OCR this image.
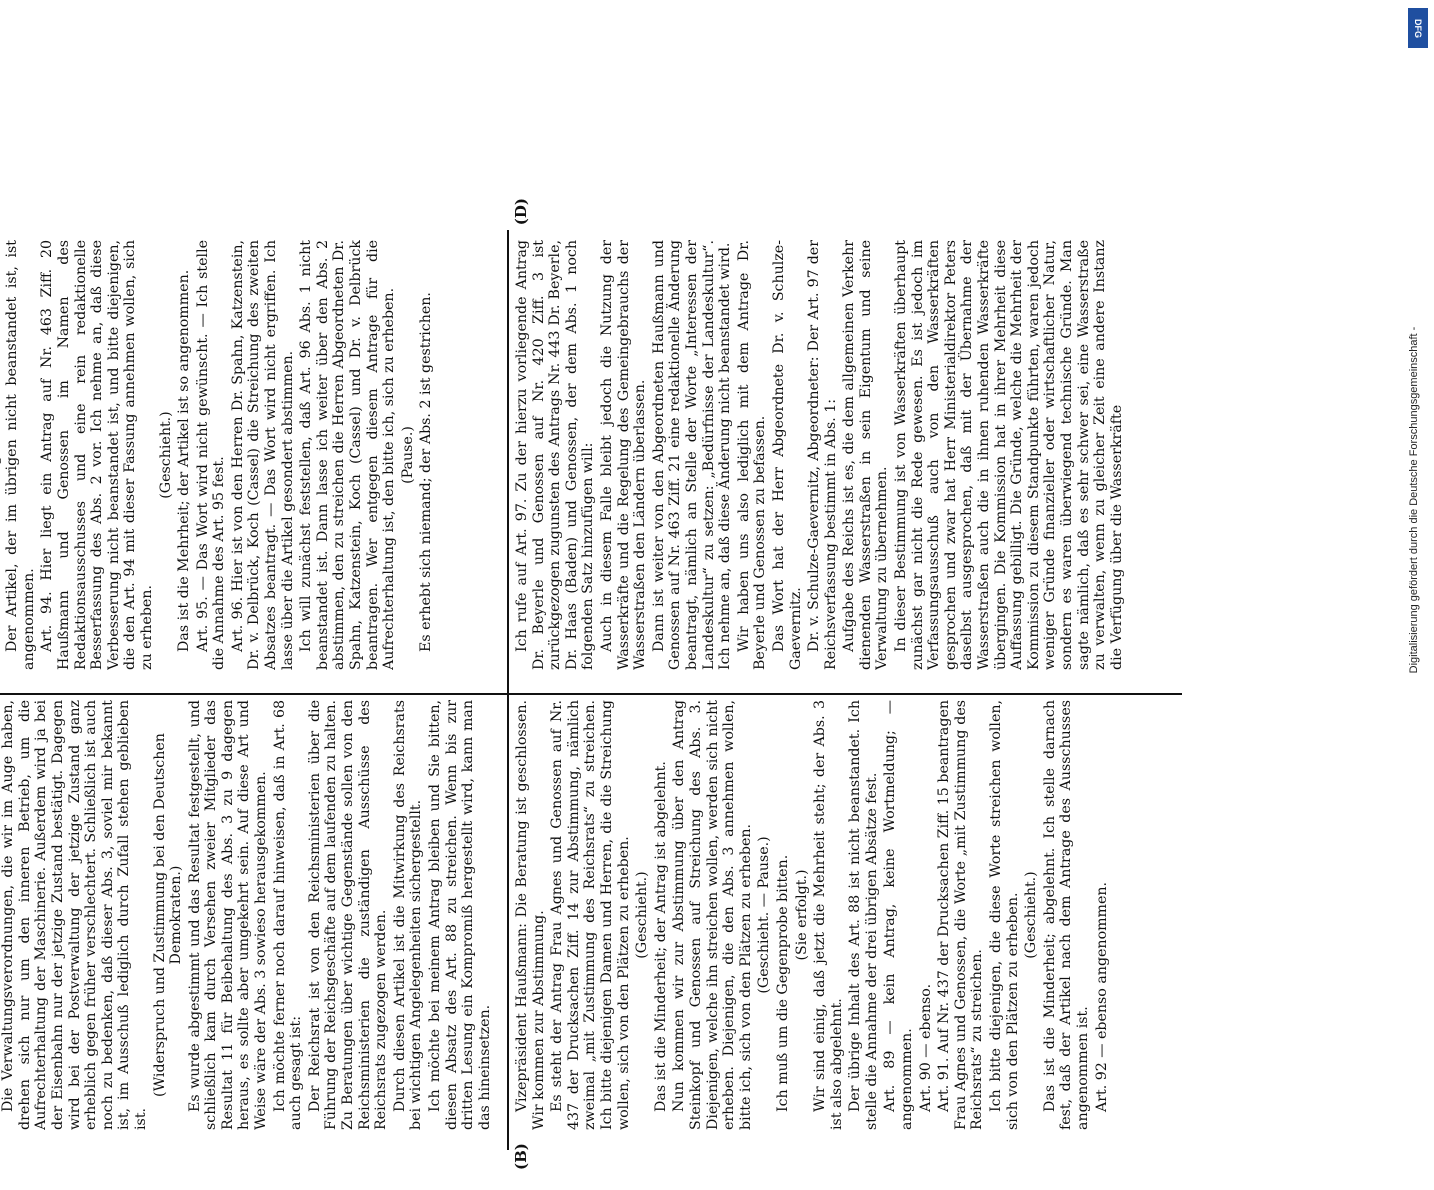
(B)
(D)

Die Verwaltungsverordnungen, die wir im Auge haben, drehen sich nur um den inneren Betrieb, um die Aufrechterhaltung der Maschinerie. Außerdem wird ja bei der Eisenbahn nur der jetzige Zustand bestätigt. Dagegen wird bei der Postverwaltung der jetzige Zustand ganz erheblich gegen früher verschlechtert. Schließlich ist auch noch zu bedenken, daß dieser Abs. 3, soviel mir bekannt ist, im Ausschuß lediglich durch Zufall stehen geblieben ist.

(Widerspruch und Zustimmung bei den Deutschen Demokraten.) Es wurde abgestimmt und das Resultat festgestellt, und schließlich kam durch Versehen zweier Mitglieder das Resultat 11 für Beibehaltung des Abs. 3 zu 9 dagegen heraus, es sollte aber umgekehrt sein. Auf diese Art und Weise wäre der Abs. 3 sowieso herausgekommen. Ich möchte ferner noch darauf hinweisen, daß in Art. 68 auch gesagt ist: Der Reichsrat ist von den Reichsministerien über die Führung der Reichsgeschäfte auf dem laufenden zu halten. Zu Beratungen über wichtige Gegenstände sollen von den Reichsministerien die zuständigen Ausschüsse des Reichsrats zugezogen werden. Durch diesen Artikel ist die Mitwirkung des Reichsrats bei wichtigen Angelegenheiten sichergestellt. Ich möchte bei meinem Antrag bleiben und Sie bitten, diesen Absatz des Art. 88 zu streichen. Wenn bis zur dritten Lesung ein Kompromiß hergestellt wird, kann man das hineinsetzen. Vizepräsident Haußmann: Die Beratung ist geschlossen. Wir kommen zur Abstimmung. Es steht der Antrag Frau Agnes und Genossen auf Nr. 437 der Drucksachen Ziff. 14 zur Abstimmung, nämlich zweimal „mit Zustimmung des Reichsrats“ zu streichen. Ich bitte diejenigen Damen und Herren, die die Streichung wollen, sich von den Plätzen zu erheben. (Geschieht.) Das ist die Minderheit; der Antrag ist abgelehnt. Nun kommen wir zur Abstimmung über den Antrag Steinkopf und Genossen auf Streichung des Abs. 3. Diejenigen, welche ihn streichen wollen, werden sich nicht erheben. Diejenigen, die den Abs. 3 annehmen wollen, bitte ich, sich von den Plätzen zu erheben. (Geschieht. — Pause.) Ich muß um die Gegenprobe bitten. (Sie erfolgt.) Wir sind einig, daß jetzt die Mehrheit steht; der Abs. 3 ist also abgelehnt. Der übrige Inhalt des Art. 88 ist nicht beanstandet. Ich stelle die Annahme der drei übrigen Absätze fest. Art. 89 — kein Antrag, keine Wortmeldung; — angenommen. Art. 90 — ebenso. Art. 91. Auf Nr. 437 der Drucksachen Ziff. 15 beantragen Frau Agnes und Genossen, die Worte „mit Zustimmung des Reichsrats“ zu streichen. Ich bitte diejenigen, die diese Worte streichen wollen, sich von den Plätzen zu erheben. (Geschieht.) Das ist die Minderheit; abgelehnt. Ich stelle darnach fest, daß der Artikel nach dem Antrage des Ausschusses angenommen ist. Art. 92 — ebenso angenommen.

Der Artikel, der im übrigen nicht beanstandet ist, ist angenommen. Art. 94. Hier liegt ein Antrag auf Nr. 463 Ziff. 20 Haußmann und Genossen im Namen des Redaktionsausschusses und eine rein redaktionelle Besserfassung des Abs. 2 vor. Ich nehme an, daß diese Verbesserung nicht beanstandet ist, und bitte diejenigen, die den Art. 94 mit dieser Fassung annehmen wollen, sich zu erheben.

(Geschieht.) Das ist die Mehrheit; der Artikel ist so angenommen. Art. 95. — Das Wort wird nicht gewünscht. — Ich stelle die Annahme des Art. 95 fest. Art. 96. Hier ist von den Herren Dr. Spahn, Katzenstein, Dr. v. Delbrück, Koch (Cassel) die Streichung des zweiten Absatzes beantragt. — Das Wort wird nicht ergriffen. Ich lasse über die Artikel gesondert abstimmen. Ich will zunächst feststellen, daß Art. 96 Abs. 1 nicht beanstandet ist. Dann lasse ich weiter über den Abs. 2 abstimmen, den zu streichen die Herren Abgeordneten Dr. Spahn, Katzenstein, Koch (Cassel) und Dr. v. Delbrück beantragen. Wer entgegen diesem Antrage für die Aufrechterhaltung ist, den bitte ich, sich zu erheben. (Pause.) Es erhebt sich niemand; der Abs. 2 ist gestrichen.	Ich rufe auf Art. 97. Zu der hierzu vorliegende Antrag Dr. Beyerle und Genossen auf Nr. 420 Ziff. 3 ist zurückgezogen zugunsten des Antrags Nr. 443 Dr. Beyerle, Dr. Haas (Baden) und Genossen, der dem Abs. 1 noch folgenden Satz hinzufügen will: Auch in diesem Falle bleibt jedoch die Nutzung der Wasserkräfte und die Regelung des Gemeingebrauchs der Wasserstraßen den Ländern überlassen. Dann ist weiter von den Abgeordneten Haußmann und Genossen auf Nr. 463 Ziff. 21 eine redaktionelle Änderung beantragt, nämlich an Stelle der Worte „Interessen der Landeskultur“ zu setzen: „Bedürfnisse der Landeskultur“. Ich nehme an, daß diese Änderung nicht beanstandet wird. Wir haben uns also lediglich mit dem Antrage Dr. Beyerle und Genossen zu befassen. Das Wort hat der Herr Abgeordnete Dr. v. Schulze-Gaevernitz. Dr. v. Schulze-Gaevernitz, Abgeordneter: Der Art. 97 der Reichsverfassung bestimmt in Abs. 1: Aufgabe des Reichs ist es, die dem allgemeinen Verkehr dienenden Wasserstraßen in sein Eigentum und seine Verwaltung zu übernehmen. In dieser Bestimmung ist von Wasserkräften überhaupt zunächst gar nicht die Rede gewesen. Es ist jedoch im Verfassungsausschuß auch von den Wasserkräften gesprochen und zwar hat Herr Ministerialdirektor Peters daselbst ausgesprochen, daß mit der Übernahme der Wasserstraßen auch die in ihnen ruhenden Wasserkräfte übergingen. Die Kommission hat in ihrer Mehrheit diese Auffassung gebilligt. Die Gründe, welche die Mehrheit der Kommission zu diesem Standpunkte führten, waren jedoch weniger Gründe finanzieller oder wirtschaftlicher Natur, sondern es waren überwiegend technische Gründe. Man sagte nämlich, daß es sehr schwer sei, eine Wasserstraße zu verwalten, wenn zu gleicher Zeit eine andere Instanz die Verfügung über die Wasserkräfte

DFG
Digitalisierung gefördert durch die Deutsche Forschungsgemeinschaft -
